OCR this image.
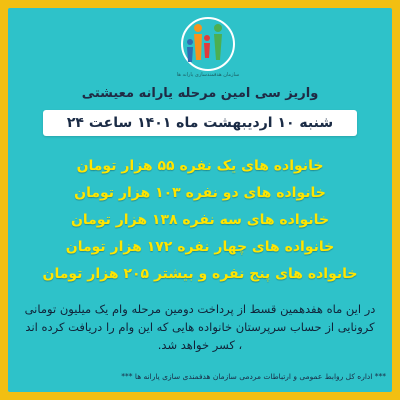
سازمان هدفمندسازی یارانه ها
واریز سی امین مرحله یارانه معیشتی
شنبه ۱۰ اردیبهشت ماه ۱۴۰۱ ساعت ۲۴
خانواده های یک نفره ۵۵ هزار تومان
خانواده های دو نفره ۱۰۳ هزار تومان
خانواده های سه نفره ۱۳۸ هزار تومان
خانواده های چهار نفره ۱۷۲ هزار تومان
خانواده های پنج نفره و بیشتر ۲۰۵ هزار تومان
در این ماه هفدهمین قسط از پرداخت دومین مرحله وام یک میلیون تومانی کرونایی از حساب سرپرستان خانواده هایی که این وام را دریافت کرده اند ، کسر خواهد شد.
*** اداره کل روابط عمومی و ارتباطات مردمی سازمان هدفمندی سازی یارانه ها ***
